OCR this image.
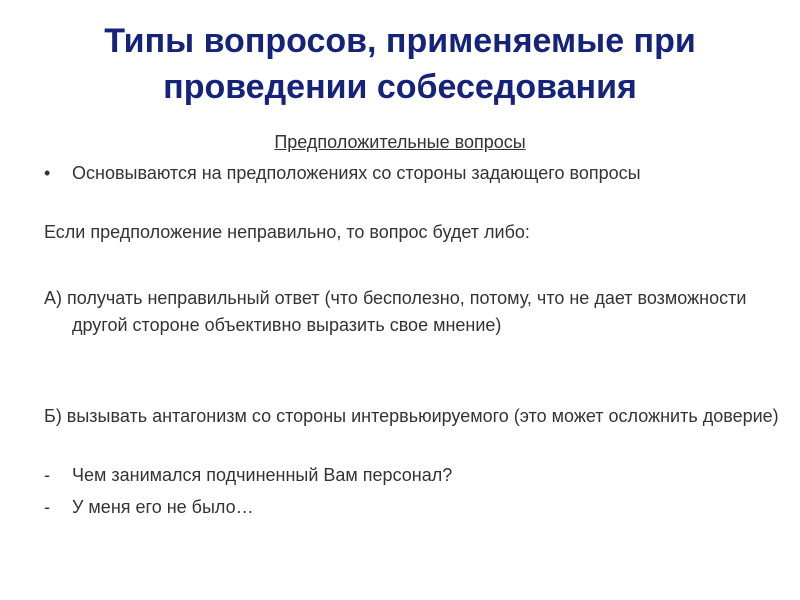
Типы вопросов, применяемые при проведении собеседования
Предположительные вопросы
•	Основываются на предположениях со стороны задающего вопросы

Если предположение неправильно, то вопрос будет либо:

А) получать неправильный ответ (что бесполезно, потому, что не дает возможности другой стороне объективно выразить свое мнение)

Б) вызывать антагонизм со стороны интервьюируемого (это может осложнить доверие)

-	Чем занимался подчиненный Вам персонал?
-	У меня его не было…
